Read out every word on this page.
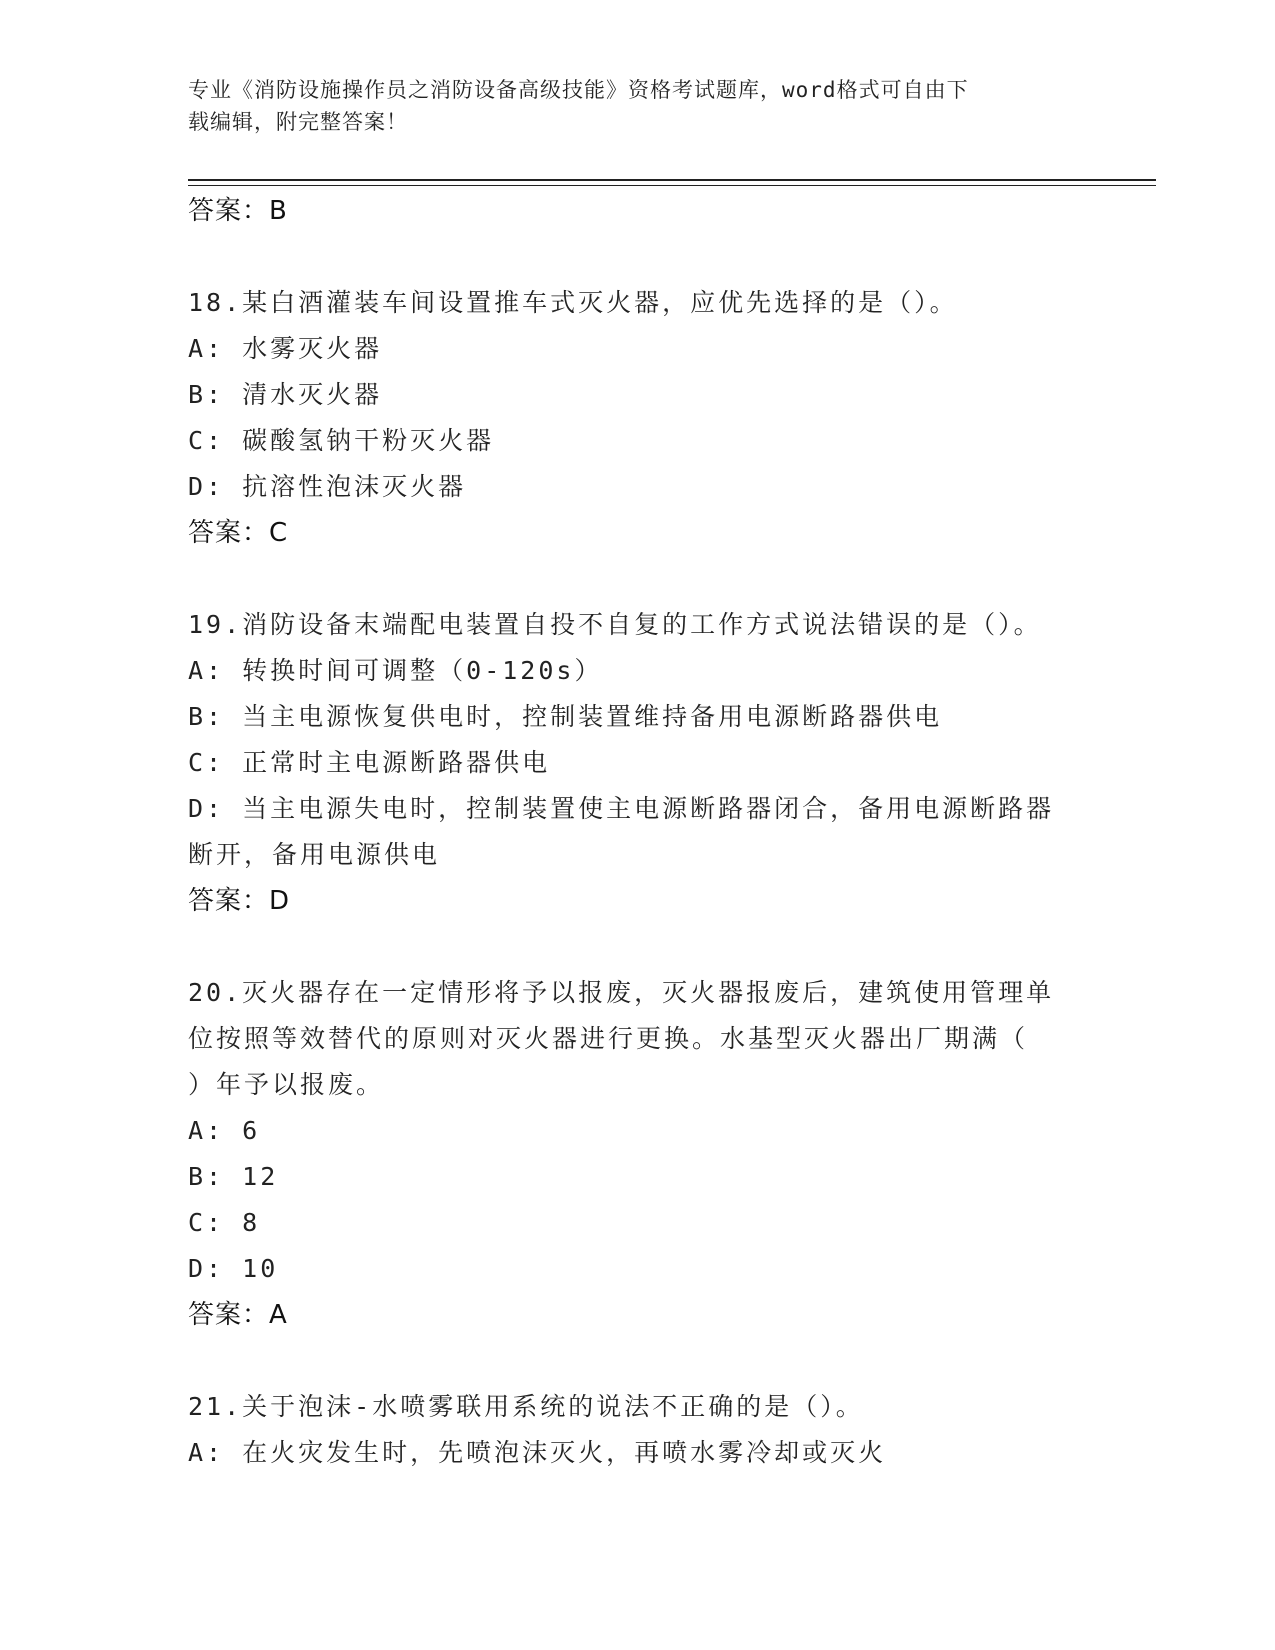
专业《消防设施操作员之消防设备高级技能》资格考试题库，word格式可自由下
载编辑，附完整答案！
答案：B
18.某白酒灌装车间设置推车式灭火器，应优先选择的是（）。
A: 水雾灭火器
B: 清水灭火器
C: 碳酸氢钠干粉灭火器
D: 抗溶性泡沫灭火器
答案：C
19.消防设备末端配电装置自投不自复的工作方式说法错误的是（）。
A: 转换时间可调整（0-120s）
B: 当主电源恢复供电时，控制装置维持备用电源断路器供电
C: 正常时主电源断路器供电
D: 当主电源失电时，控制装置使主电源断路器闭合，备用电源断路器
断开，备用电源供电
答案：D
20.灭火器存在一定情形将予以报废，灭火器报废后，建筑使用管理单
位按照等效替代的原则对灭火器进行更换。水基型灭火器出厂期满（
）年予以报废。
A: 6
B: 12
C: 8
D: 10
答案：A
21.关于泡沫-水喷雾联用系统的说法不正确的是（）。
A: 在火灾发生时，先喷泡沫灭火，再喷水雾冷却或灭火
